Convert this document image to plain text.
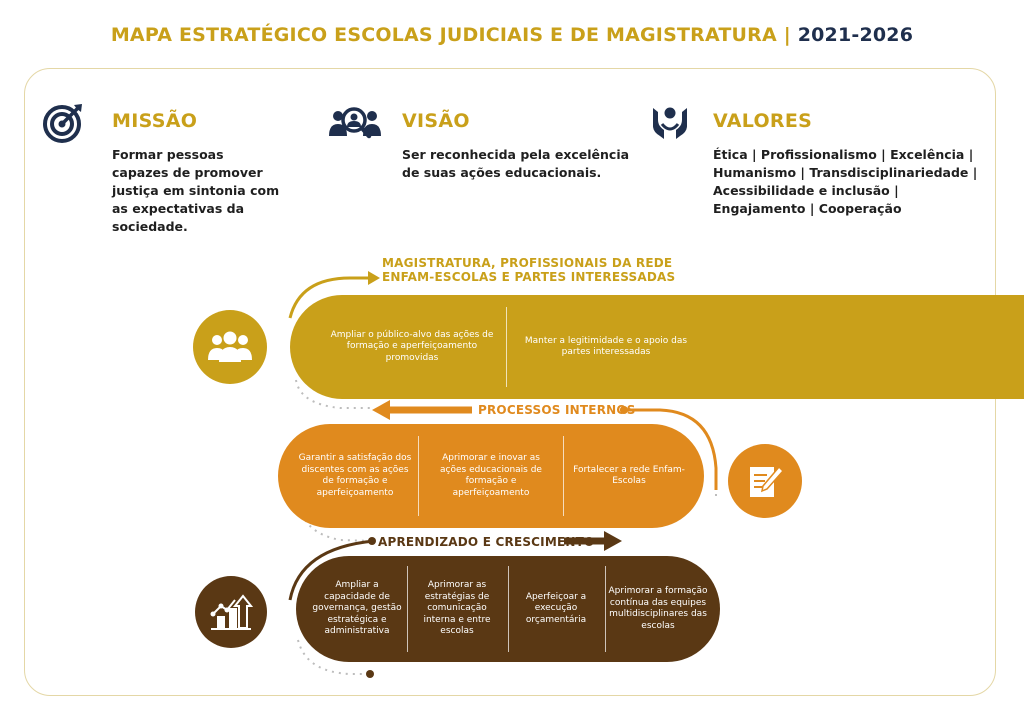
MAPA ESTRATÉGICO ESCOLAS JUDICIAIS E DE MAGISTRATURA | 2021-2026
MISSÃO
Formar pessoas
capazes de promover
justiça em sintonia com
as expectativas da
sociedade.
VISÃO
Ser reconhecida pela excelência
de suas ações educacionais.
VALORES
Ética | Profissionalismo | Excelência |
Humanismo | Transdisciplinariedade |
Acessibilidade e inclusão |
Engajamento | Cooperação
MAGISTRATURA, PROFISSIONAIS DA REDE
ENFAM-ESCOLAS E PARTES INTERESSADAS
Ampliar o público-alvo das ações de formação e aperfeiçoamento promovidas
Manter a legitimidade e o apoio das partes interessadas
PROCESSOS INTERNOS
Garantir a satisfação dos discentes com as ações de formação e aperfeiçoamento
Aprimorar e inovar as ações educacionais de formação e aperfeiçoamento
Fortalecer a rede Enfam-Escolas
APRENDIZADO E CRESCIMENTO
Ampliar a capacidade de governança, gestão estratégica e administrativa
Aprimorar as estratégias de comunicação interna e entre escolas
Aperfeiçoar a execução orçamentária
Aprimorar a formação contínua das equipes multidisciplinares das escolas
